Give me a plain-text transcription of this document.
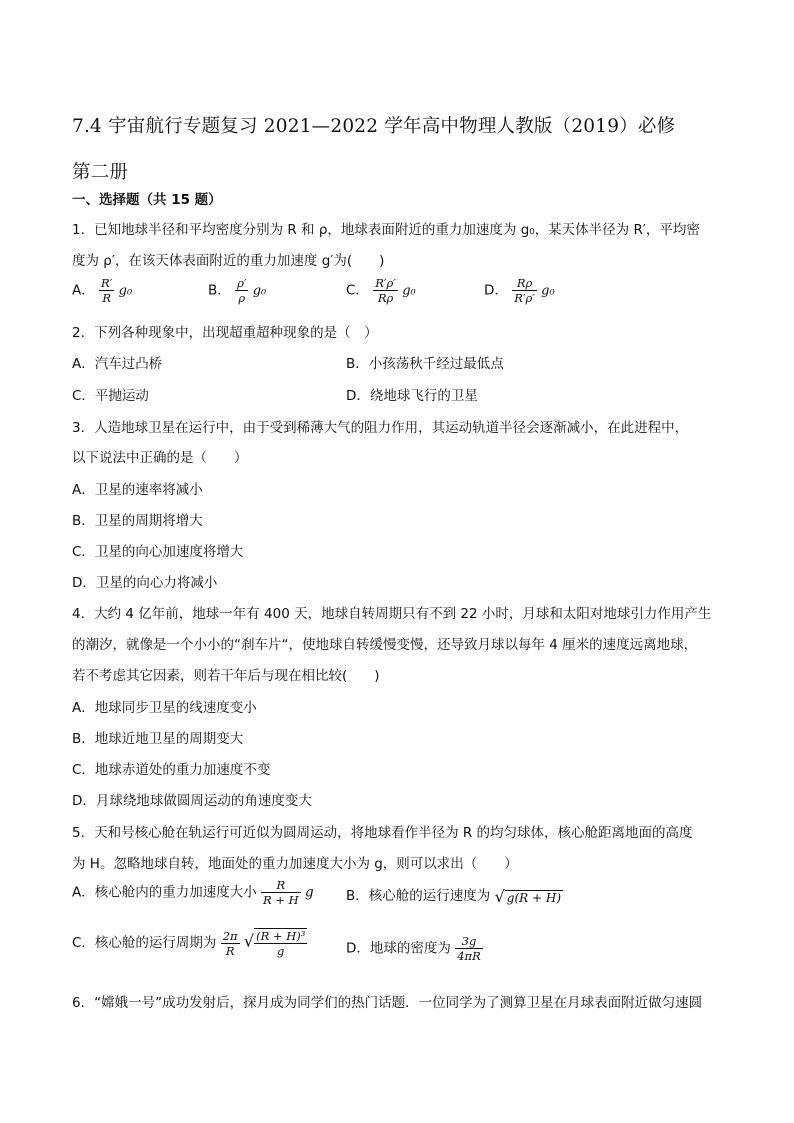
7.4 宇宙航行专题复习 2021—2022 学年高中物理人教版（2019）必修
第二册
一、选择题（共 15 题）
1．已知地球半径和平均密度分别为 R 和 ρ，地球表面附近的重力加速度为 g₀，某天体半径为 R′，平均密
度为 ρ′，在该天体表面附近的重力加速度 g′为(　　)
A． $\frac{R'}{R} g_0$	B． $\frac{\rho'}{\rho} g_0$	C． $\frac{R'\rho'}{R\rho} g_0$	D． $\frac{R\rho}{R'\rho'} g_0$
2．下列各种现象中，出现超重超种现象的是（　）
A．汽车过凸桥	B．小孩荡秋千经过最低点
C．平抛运动	D．绕地球飞行的卫星
3．人造地球卫星在运行中，由于受到稀薄大气的阻力作用，其运动轨道半径会逐渐减小，在此进程中，
以下说法中正确的是（　　）
A．卫星的速率将减小
B．卫星的周期将增大
C．卫星的向心加速度将增大
D．卫星的向心力将减小
4．大约 4 亿年前，地球一年有 400 天，地球自转周期只有不到 22 小时，月球和太阳对地球引力作用产生
的潮汐，就像是一个小小的“刹车片“，使地球自转缓慢变慢，还导致月球以每年 4 厘米的速度远离地球，
若不考虑其它因素，则若干年后与现在相比较(　　)
A．地球同步卫星的线速度变小
B．地球近地卫星的周期变大
C．地球赤道处的重力加速度不变
D．月球绕地球做圆周运动的角速度变大
5．天和号核心舱在轨运行可近似为圆周运动，将地球看作半径为 R 的均匀球体，核心舱距离地面的高度
为 H。忽略地球自转，地面处的重力加速度大小为 g，则可以求出（　　）
A．核心舱内的重力加速度大小 $\frac{R}{R + H}$ g B．核心舱的运行速度为 √ g(R + H)
C．核心舱的运行周期为 $\frac{2\pi}{R}$ √ $\frac{\text{(R + H)³}}{g}$	D．地球的密度为 $\frac{3g}{4\pi R}$
6．“嫦娥一号”成功发射后，探月成为同学们的热门话题．一位同学为了测算卫星在月球表面附近做匀速圆
